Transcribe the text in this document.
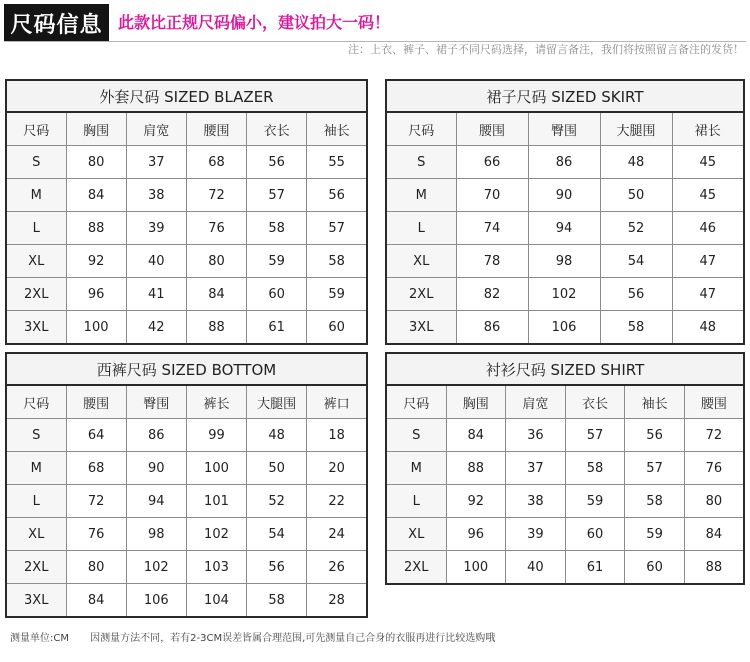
尺码信息 此款比正规尺码偏小，建议拍大一码！
注：上衣、裤子、裙子不同尺码选择，请留言备注，我们将按照留言备注的发货！
外套尺码 SIZED BLAZER					
尺码	胸围	肩宽	腰围	衣长	袖长
S	80	37	68	56	55
M	84	38	72	57	56
L	88	39	76	58	57
XL	92	40	80	59	58
2XL	96	41	84	60	59
3XL	100	42	88	61	60
裙子尺码 SIZED SKIRT				
尺码	腰围	臀围	大腿围	裙长
S	66	86	48	45
M	70	90	50	45
L	74	94	52	46
XL	78	98	54	47
2XL	82	102	56	47
3XL	86	106	58	48
西裤尺码 SIZED BOTTOM					
尺码	腰围	臀围	裤长	大腿围	裤口
S	64	86	99	48	18
M	68	90	100	50	20
L	72	94	101	52	22
XL	76	98	102	54	24
2XL	80	102	103	56	26
3XL	84	106	104	58	28
衬衫尺码 SIZED SHIRT					
尺码	胸围	肩宽	衣长	袖长	腰围
S	84	36	57	56	72
M	88	37	58	57	76
L	92	38	59	58	80
XL	96	39	60	59	84
2XL	100	40	61	60	88
测量单位:CM 因测量方法不同，若有2-3CM误差皆属合理范围,可先测量自己合身的衣服再进行比较选购哦
